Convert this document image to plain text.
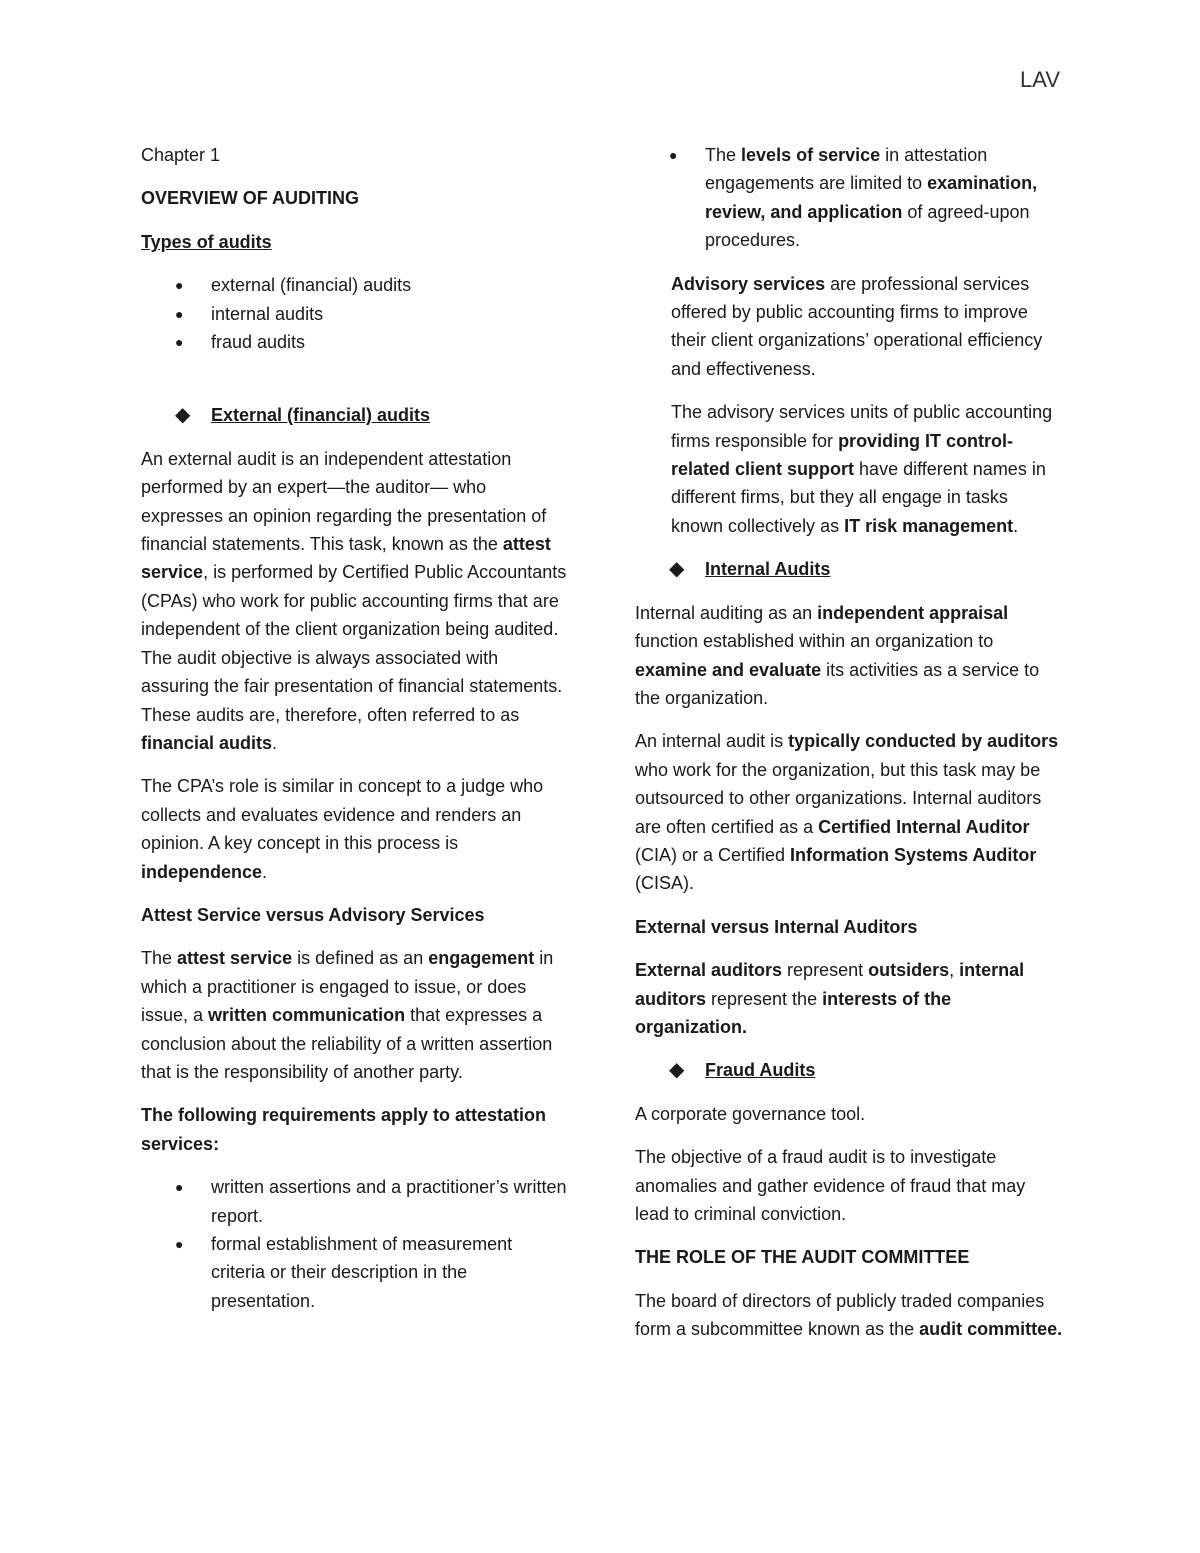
LAV

Chapter 1

OVERVIEW OF AUDITING

Types of audits

● external (financial) audits
● internal audits
● fraud audits
◆ External (financial) audits

An external audit is an independent attestation performed by an expert—the auditor— who expresses an opinion regarding the presentation of financial statements. This task, known as the attest service, is performed by Certified Public Accountants (CPAs) who work for public accounting firms that are independent of the client organization being audited. The audit objective is always associated with assuring the fair presentation of financial statements. These audits are, therefore, often referred to as financial audits.

The CPA’s role is similar in concept to a judge who collects and evaluates evidence and renders an opinion. A key concept in this process is independence.

Attest Service versus Advisory Services

The attest service is defined as an engagement in which a practitioner is engaged to issue, or does issue, a written communication that expresses a conclusion about the reliability of a written assertion that is the responsibility of another party.

The following requirements apply to attestation services:

● written assertions and a practitioner’s written report.
● formal establishment of measurement criteria or their description in the presentation.
● The levels of service in attestation engagements are limited to examination, review, and application of agreed-upon procedures.

Advisory services are professional services offered by public accounting firms to improve their client organizations’ operational efficiency and effectiveness.

The advisory services units of public accounting firms responsible for providing IT control-related client support have different names in different firms, but they all engage in tasks known collectively as IT risk management.

◆ Internal Audits

Internal auditing as an independent appraisal function established within an organization to examine and evaluate its activities as a service to the organization.

An internal audit is typically conducted by auditors who work for the organization, but this task may be outsourced to other organizations. Internal auditors are often certified as a Certified Internal Auditor (CIA) or a Certified Information Systems Auditor (CISA).

External versus Internal Auditors

External auditors represent outsiders, internal auditors represent the interests of the organization.

◆ Fraud Audits

A corporate governance tool.

The objective of a fraud audit is to investigate anomalies and gather evidence of fraud that may lead to criminal conviction.

THE ROLE OF THE AUDIT COMMITTEE

The board of directors of publicly traded companies form a subcommittee known as the audit committee.
